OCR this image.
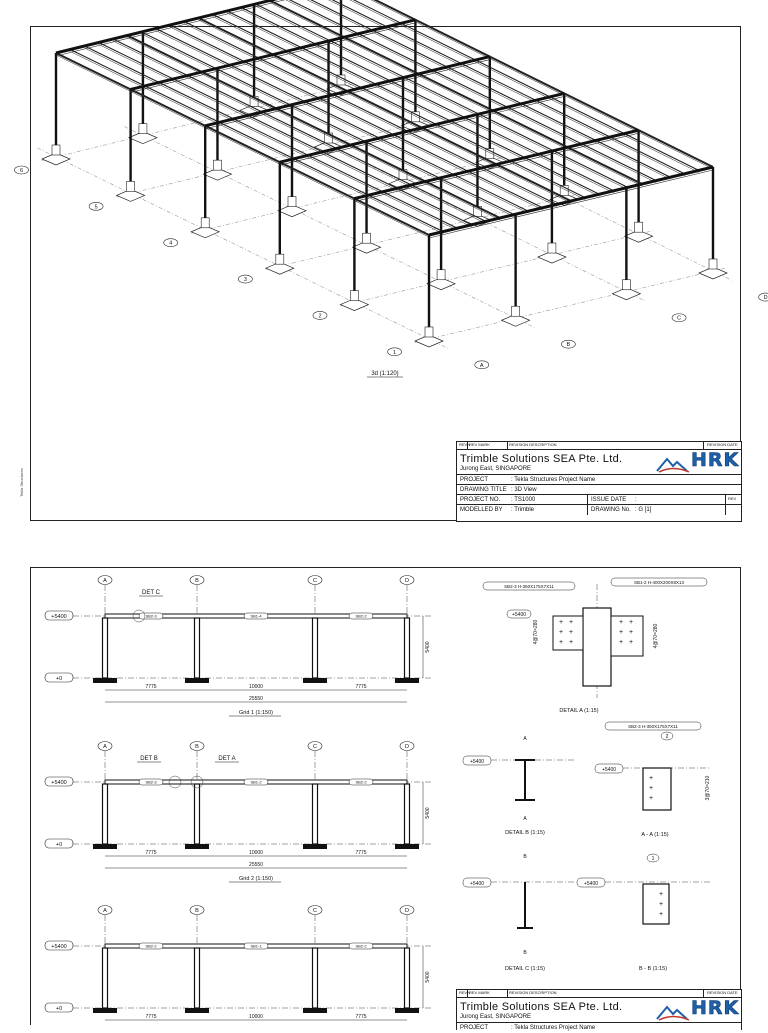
1
2
3
4
5
6
A
B
C
D
3d (1:120)
Tekla Structures
REVN
REV MARK	REVISION DESCRIPTION	REVISION DATE
Trimble Solutions SEA Pte. Ltd.
Jurong East, SINGAPORE	HRK
PROJECT	: Tekla Structures Project Name
DRAWING TITLE : 3D View
PROJECT NO. : TS1000	ISSUE DATE :	REV
MODELLED BY : Trimble	DRAWING No. : G [1]
A	B	C	D
+5400
+0
SB2-3	SB1-4	SB2-2
5400
7775	10000	7775
25550
Grid 1 (1:150)
DET C
A	B	C	D
+5400
+0
SB2-3	SB1-2	SB2-2
5400
7775	10000	7775
25550
Grid 2 (1:150)
DET B	DET A
A	B	C	D
+5400
+0
SB2-2	SB1-1	SB2-2
5400
7775	10000	7775
SB2-3 H-350X175X7X11
SB1-2 H-400X200X8X13
+ +
+ +
+ +
+ +
+ +
+ +
+5400
4@70=280	4@70=280
DETAIL A (1:15)
+5400
A
A
DETAIL B (1:15)
SB2-3 H-350X175X7X11
2
+5400
+
+
+	3@70=210
A - A (1:15)
B
+5400
B
DETAIL C (1:15)
1
+5400
+
+
+
B - B (1:15)
REVN
REV MARK	REVISION DESCRIPTION	REVISION DATE
Trimble Solutions SEA Pte. Ltd.
Jurong East, SINGAPORE	HRK
PROJECT	: Tekla Structures Project Name
